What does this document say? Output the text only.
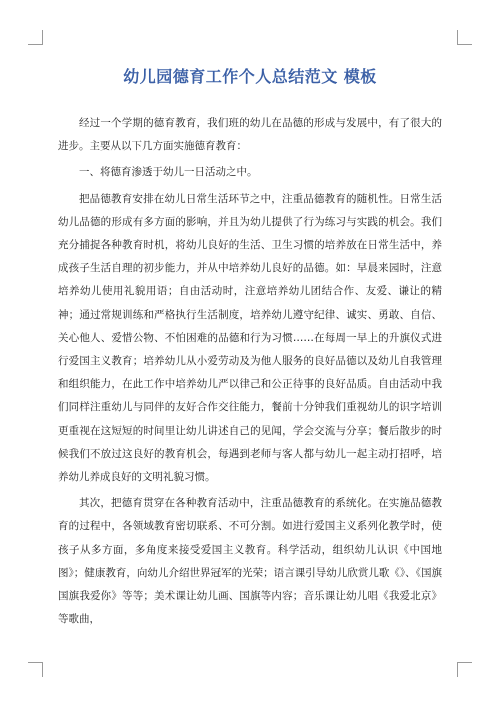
幼儿园德育工作个人总结范文 模板

经过一个学期的德育教育，我们班的幼儿在品德的形成与发展中，有了很大的进步。主要从以下几方面实施德育教育：

一、将德育渗透于幼儿一日活动之中。

把品德教育安排在幼儿日常生活环节之中，注重品德教育的随机性。日常生活幼儿品德的形成有多方面的影响，并且为幼儿提供了行为练习与实践的机会。我们充分捕捉各种教育时机，将幼儿良好的生活、卫生习惯的培养放在日常生活中，养成孩子生活自理的初步能力，并从中培养幼儿良好的品德。如：早晨来园时，注意培养幼儿使用礼貌用语；自由活动时，注意培养幼儿团结合作、友爱、谦让的精神；通过常规训练和严格执行生活制度，培养幼儿遵守纪律、诚实、勇敢、自信、关心他人、爱惜公物、不怕困难的品德和行为习惯……在每周一早上的升旗仪式进行爱国主义教育；培养幼儿从小爱劳动及为他人服务的良好品德以及幼儿自我管理和组织能力，在此工作中培养幼儿严以律己和公正待事的良好品质。自由活动中我们同样注重幼儿与同伴的友好合作交往能力，餐前十分钟我们重视幼儿的识字培训更重视在这短短的时间里让幼儿讲述自己的见闻，学会交流与分享；餐后散步的时候我们不放过这良好的教育机会，每遇到老师与客人都与幼儿一起主动打招呼，培养幼儿养成良好的文明礼貌习惯。

其次，把德育贯穿在各种教育活动中，注重品德教育的系统化。在实施品德教育的过程中，各领域教育密切联系、不可分割。如进行爱国主义系列化教学时，使孩子从多方面，多角度来接受爱国主义教育。科学活动，组织幼儿认识《中国地图》；健康教育，向幼儿介绍世界冠军的光荣；语言课引导幼儿欣赏儿歌《》、《国旗国旗我爱你》等等；美术课让幼儿画、国旗等内容；音乐课让幼儿唱《我爱北京》等歌曲，
